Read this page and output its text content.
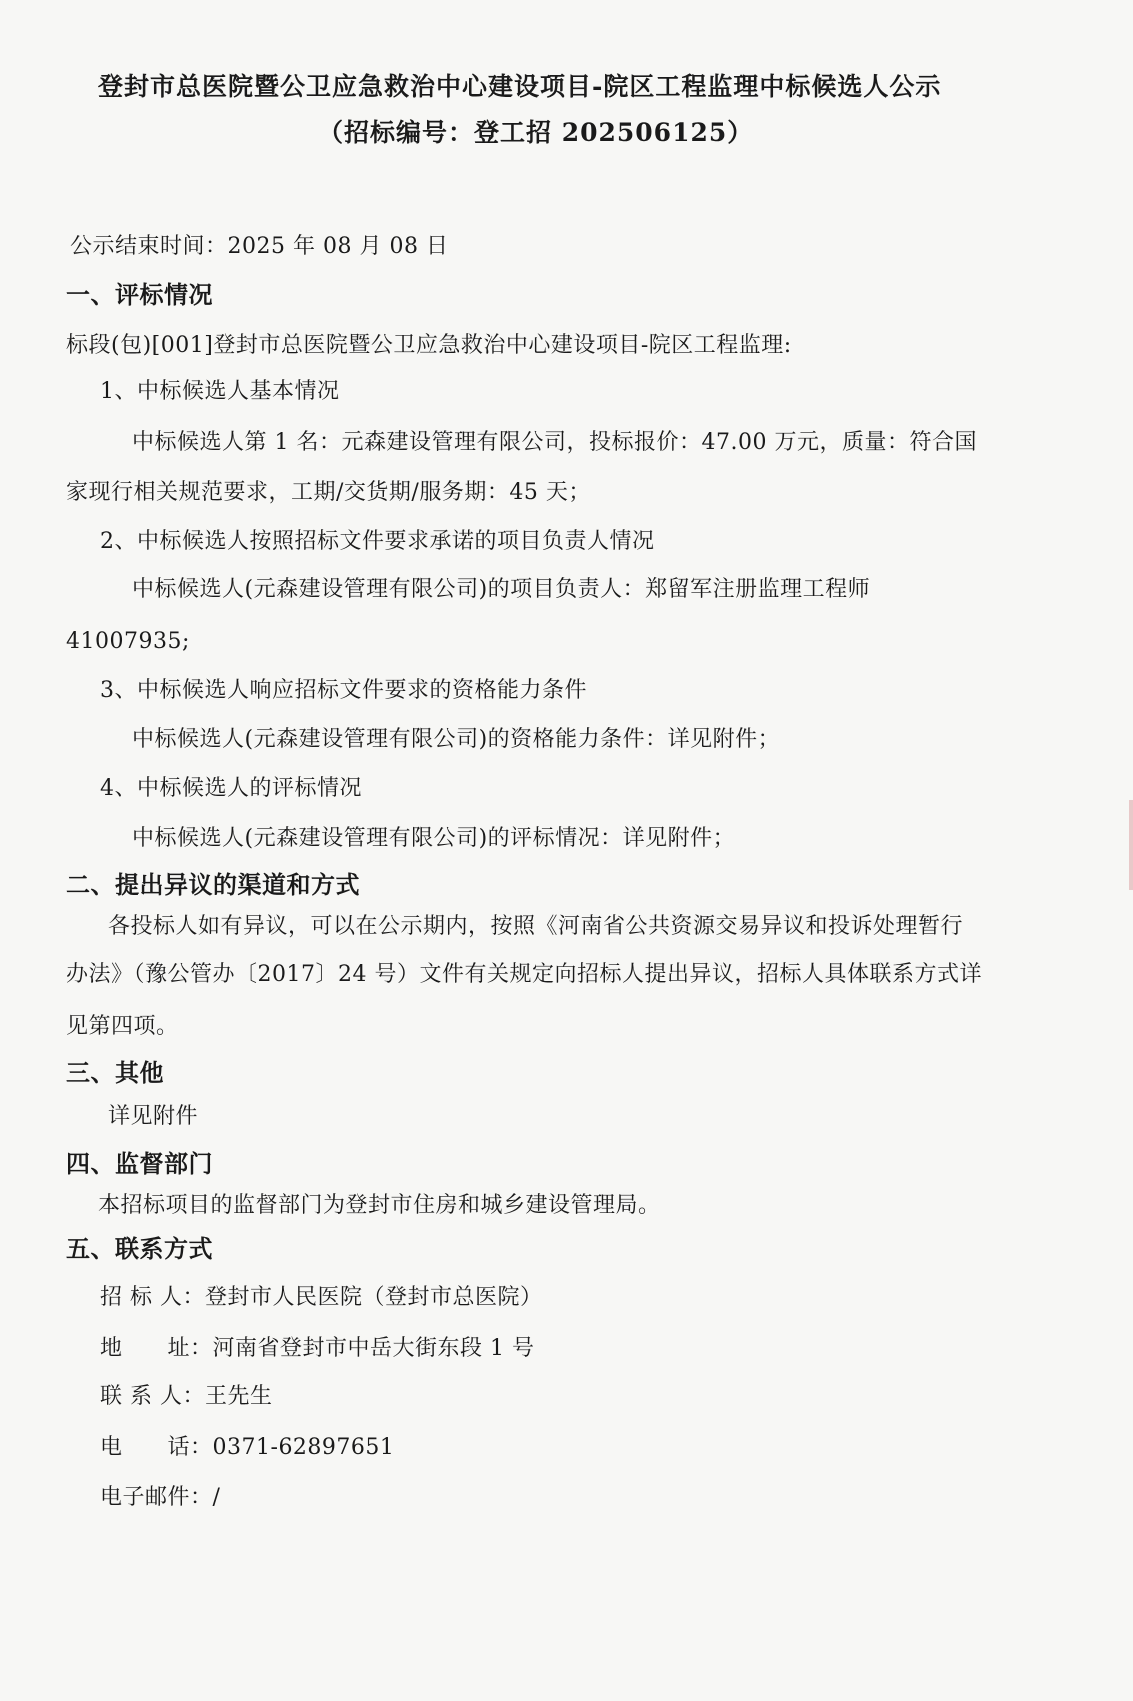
登封市总医院暨公卫应急救治中心建设项目-院区工程监理中标候选人公示
（招标编号：登工招 202506125）
公示结束时间：2025 年 08 月 08 日
一、评标情况
标段(包)[001]登封市总医院暨公卫应急救治中心建设项目-院区工程监理:
1、中标候选人基本情况
中标候选人第 1 名：元森建设管理有限公司，投标报价：47.00 万元，质量：符合国
家现行相关规范要求，工期/交货期/服务期：45 天；
2、中标候选人按照招标文件要求承诺的项目负责人情况
中标候选人(元森建设管理有限公司)的项目负责人：郑留军注册监理工程师
41007935;
3、中标候选人响应招标文件要求的资格能力条件
中标候选人(元森建设管理有限公司)的资格能力条件：详见附件；
4、中标候选人的评标情况
中标候选人(元森建设管理有限公司)的评标情况：详见附件；
二、提出异议的渠道和方式
各投标人如有异议，可以在公示期内，按照《河南省公共资源交易异议和投诉处理暂行
办法》（豫公管办〔2017〕24 号）文件有关规定向招标人提出异议，招标人具体联系方式详
见第四项。
三、其他
详见附件
四、监督部门
本招标项目的监督部门为登封市住房和城乡建设管理局。
五、联系方式
招 标 人：登封市人民医院（登封市总医院）
地　　址：河南省登封市中岳大街东段 1 号
联 系 人：王先生
电　　话：0371-62897651
电子邮件：/
